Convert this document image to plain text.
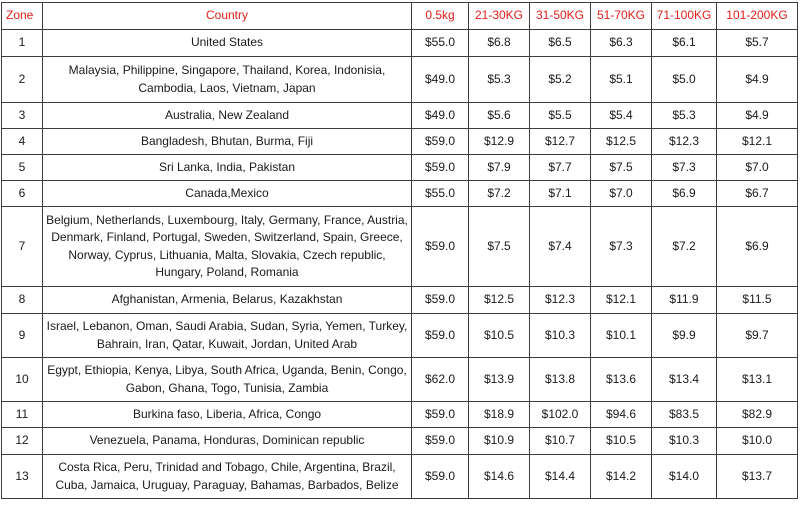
Zone	Country	0.5kg	21-30KG	31-50KG	51-70KG	71-100KG	101-200KG
1	United States	$55.0	$6.8	$6.5	$6.3	$6.1	$5.7
2	Malaysia, Philippine, Singapore, Thailand, Korea, Indonisia, Cambodia, Laos, Vietnam, Japan	$49.0	$5.3	$5.2	$5.1	$5.0	$4.9
3	Australia, New Zealand	$49.0	$5.6	$5.5	$5.4	$5.3	$4.9
4	Bangladesh, Bhutan, Burma, Fiji	$59.0	$12.9	$12.7	$12.5	$12.3	$12.1
5	Sri Lanka, India, Pakistan	$59.0	$7.9	$7.7	$7.5	$7.3	$7.0
6	Canada,Mexico	$55.0	$7.2	$7.1	$7.0	$6.9	$6.7
7	Belgium, Netherlands, Luxembourg, Italy, Germany, France, Austria, Denmark, Finland, Portugal, Sweden, Switzerland, Spain, Greece, Norway, Cyprus, Lithuania, Malta, Slovakia, Czech republic, Hungary, Poland, Romania	$59.0	$7.5	$7.4	$7.3	$7.2	$6.9
8	Afghanistan, Armenia, Belarus, Kazakhstan	$59.0	$12.5	$12.3	$12.1	$11.9	$11.5
9	Israel, Lebanon, Oman, Saudi Arabia, Sudan, Syria, Yemen, Turkey, Bahrain, Iran, Qatar, Kuwait, Jordan, United Arab	$59.0	$10.5	$10.3	$10.1	$9.9	$9.7
10	Egypt, Ethiopia, Kenya, Libya, South Africa, Uganda, Benin, Congo, Gabon, Ghana, Togo, Tunisia, Zambia	$62.0	$13.9	$13.8	$13.6	$13.4	$13.1
11	Burkina faso, Liberia, Africa, Congo	$59.0	$18.9	$102.0	$94.6	$83.5	$82.9
12	Venezuela, Panama, Honduras, Dominican republic	$59.0	$10.9	$10.7	$10.5	$10.3	$10.0
13	Costa Rica, Peru, Trinidad and Tobago, Chile, Argentina, Brazil, Cuba, Jamaica, Uruguay, Paraguay, Bahamas, Barbados, Belize	$59.0	$14.6	$14.4	$14.2	$14.0	$13.7
